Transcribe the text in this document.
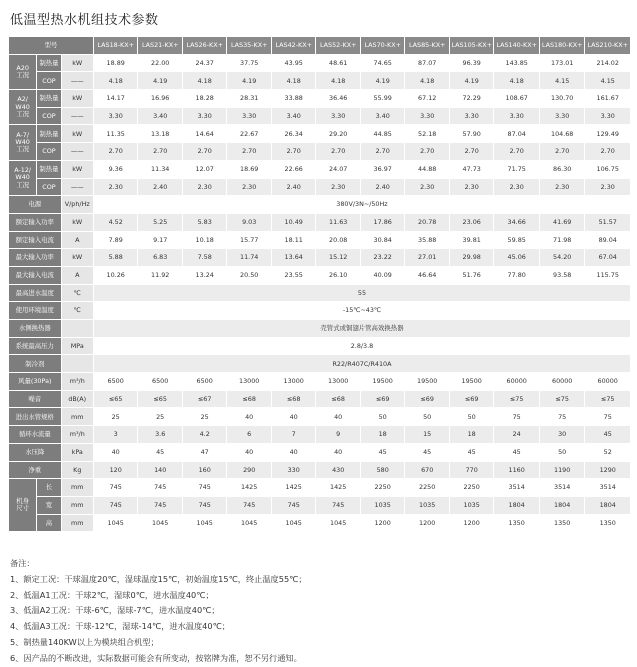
低温型热水机组技术参数
型号			LAS18-KX+	LAS21-KX+	LAS26-KX+	LAS35-KX+	LAS42-KX+	LAS52-KX+	LAS70-KX+	LAS85-KX+	LAS105-KX+	LAS140-KX+	LAS180-KX+	LAS210-KX+
A20
工况	制热量	kW	18.89	22.00	24.37	37.75	43.95	48.61	74.65	87.07	96.39	143.85	173.01	214.02
	COP	——	4.18	4.19	4.18	4.19	4.18	4.18	4.19	4.18	4.19	4.18	4.15	4.15
A2/
W40
工况	制热量	kW	14.17	16.96	18.28	28.31	33.88	36.46	55.99	67.12	72.29	108.67	130.70	161.67
	COP	——	3.30	3.40	3.30	3.30	3.40	3.30	3.40	3.30	3.30	3.30	3.30	3.30
A-7/
W40
工况	制热量	kW	11.35	13.18	14.64	22.67	26.34	29.20	44.85	52.18	57.90	87.04	104.68	129.49
	COP	——	2.70	2.70	2.70	2.70	2.70	2.70	2.70	2.70	2.70	2.70	2.70	2.70
A-12/
W40
工况	制热量	kW	9.36	11.34	12.07	18.69	22.66	24.07	36.97	44.88	47.73	71.75	86.30	106.75
	COP	——	2.30	2.40	2.30	2.30	2.40	2.30	2.40	2.30	2.30	2.30	2.30	2.30
电源		V/ph/Hz	380V/3N~/50Hz											
额定输入功率		kW	4.52	5.25	5.83	9.03	10.49	11.63	17.86	20.78	23.06	34.66	41.69	51.57
额定输入电流		A	7.89	9.17	10.18	15.77	18.11	20.08	30.84	35.88	39.81	59.85	71.98	89.04
最大输入功率		kW	5.88	6.83	7.58	11.74	13.64	15.12	23.22	27.01	29.98	45.06	54.20	67.04
最大输入电流		A	10.26	11.92	13.24	20.50	23.55	26.10	40.09	46.64	51.76	77.80	93.58	115.75
最高进水温度		℃	55											
使用环境温度		℃	-15℃~43℃											
水侧换热器			壳管式或铜翅片管高效换热器											
系统最高压力		MPa	2.8/3.8											
制冷剂			R22/R407C/R410A											
风量(30Pa)		m³/h	6500	6500	6500	13000	13000	13000	19500	19500	19500	60000	60000	60000
噪音		dB(A)	≤65	≤65	≤67	≤68	≤68	≤68	≤69	≤69	≤69	≤75	≤75	≤75
进出水管规格		mm	25	25	25	40	40	40	50	50	50	75	75	75
循环水流量		m³/h	3	3.6	4.2	6	7	9	18	15	18	24	30	45
水压降		kPa	40	45	47	40	40	40	45	45	45	45	50	52
净重		Kg	120	140	160	290	330	430	580	670	770	1160	1190	1290
机身
尺寸	长	mm	745	745	745	1425	1425	1425	2250	2250	2250	3514	3514	3514
	宽	mm	745	745	745	745	745	745	1035	1035	1035	1804	1804	1804
	高	mm	1045	1045	1045	1045	1045	1045	1200	1200	1200	1350	1350	1350
备注：
1、额定工况：干球温度20℃，湿球温度15℃，初始温度15℃，终止温度55℃；
2、低温A1工况：干球2℃，湿球0℃，进水温度40℃；
3、低温A2工况：干球-6℃，湿球-7℃，进水温度40℃；
4、低温A3工况：干球-12℃，湿球-14℃，进水温度40℃；
5、制热量140KW以上为模块组合机型；
6、因产品的不断改进，实际数据可能会有所变动，按铭牌为准，恕不另行通知。
